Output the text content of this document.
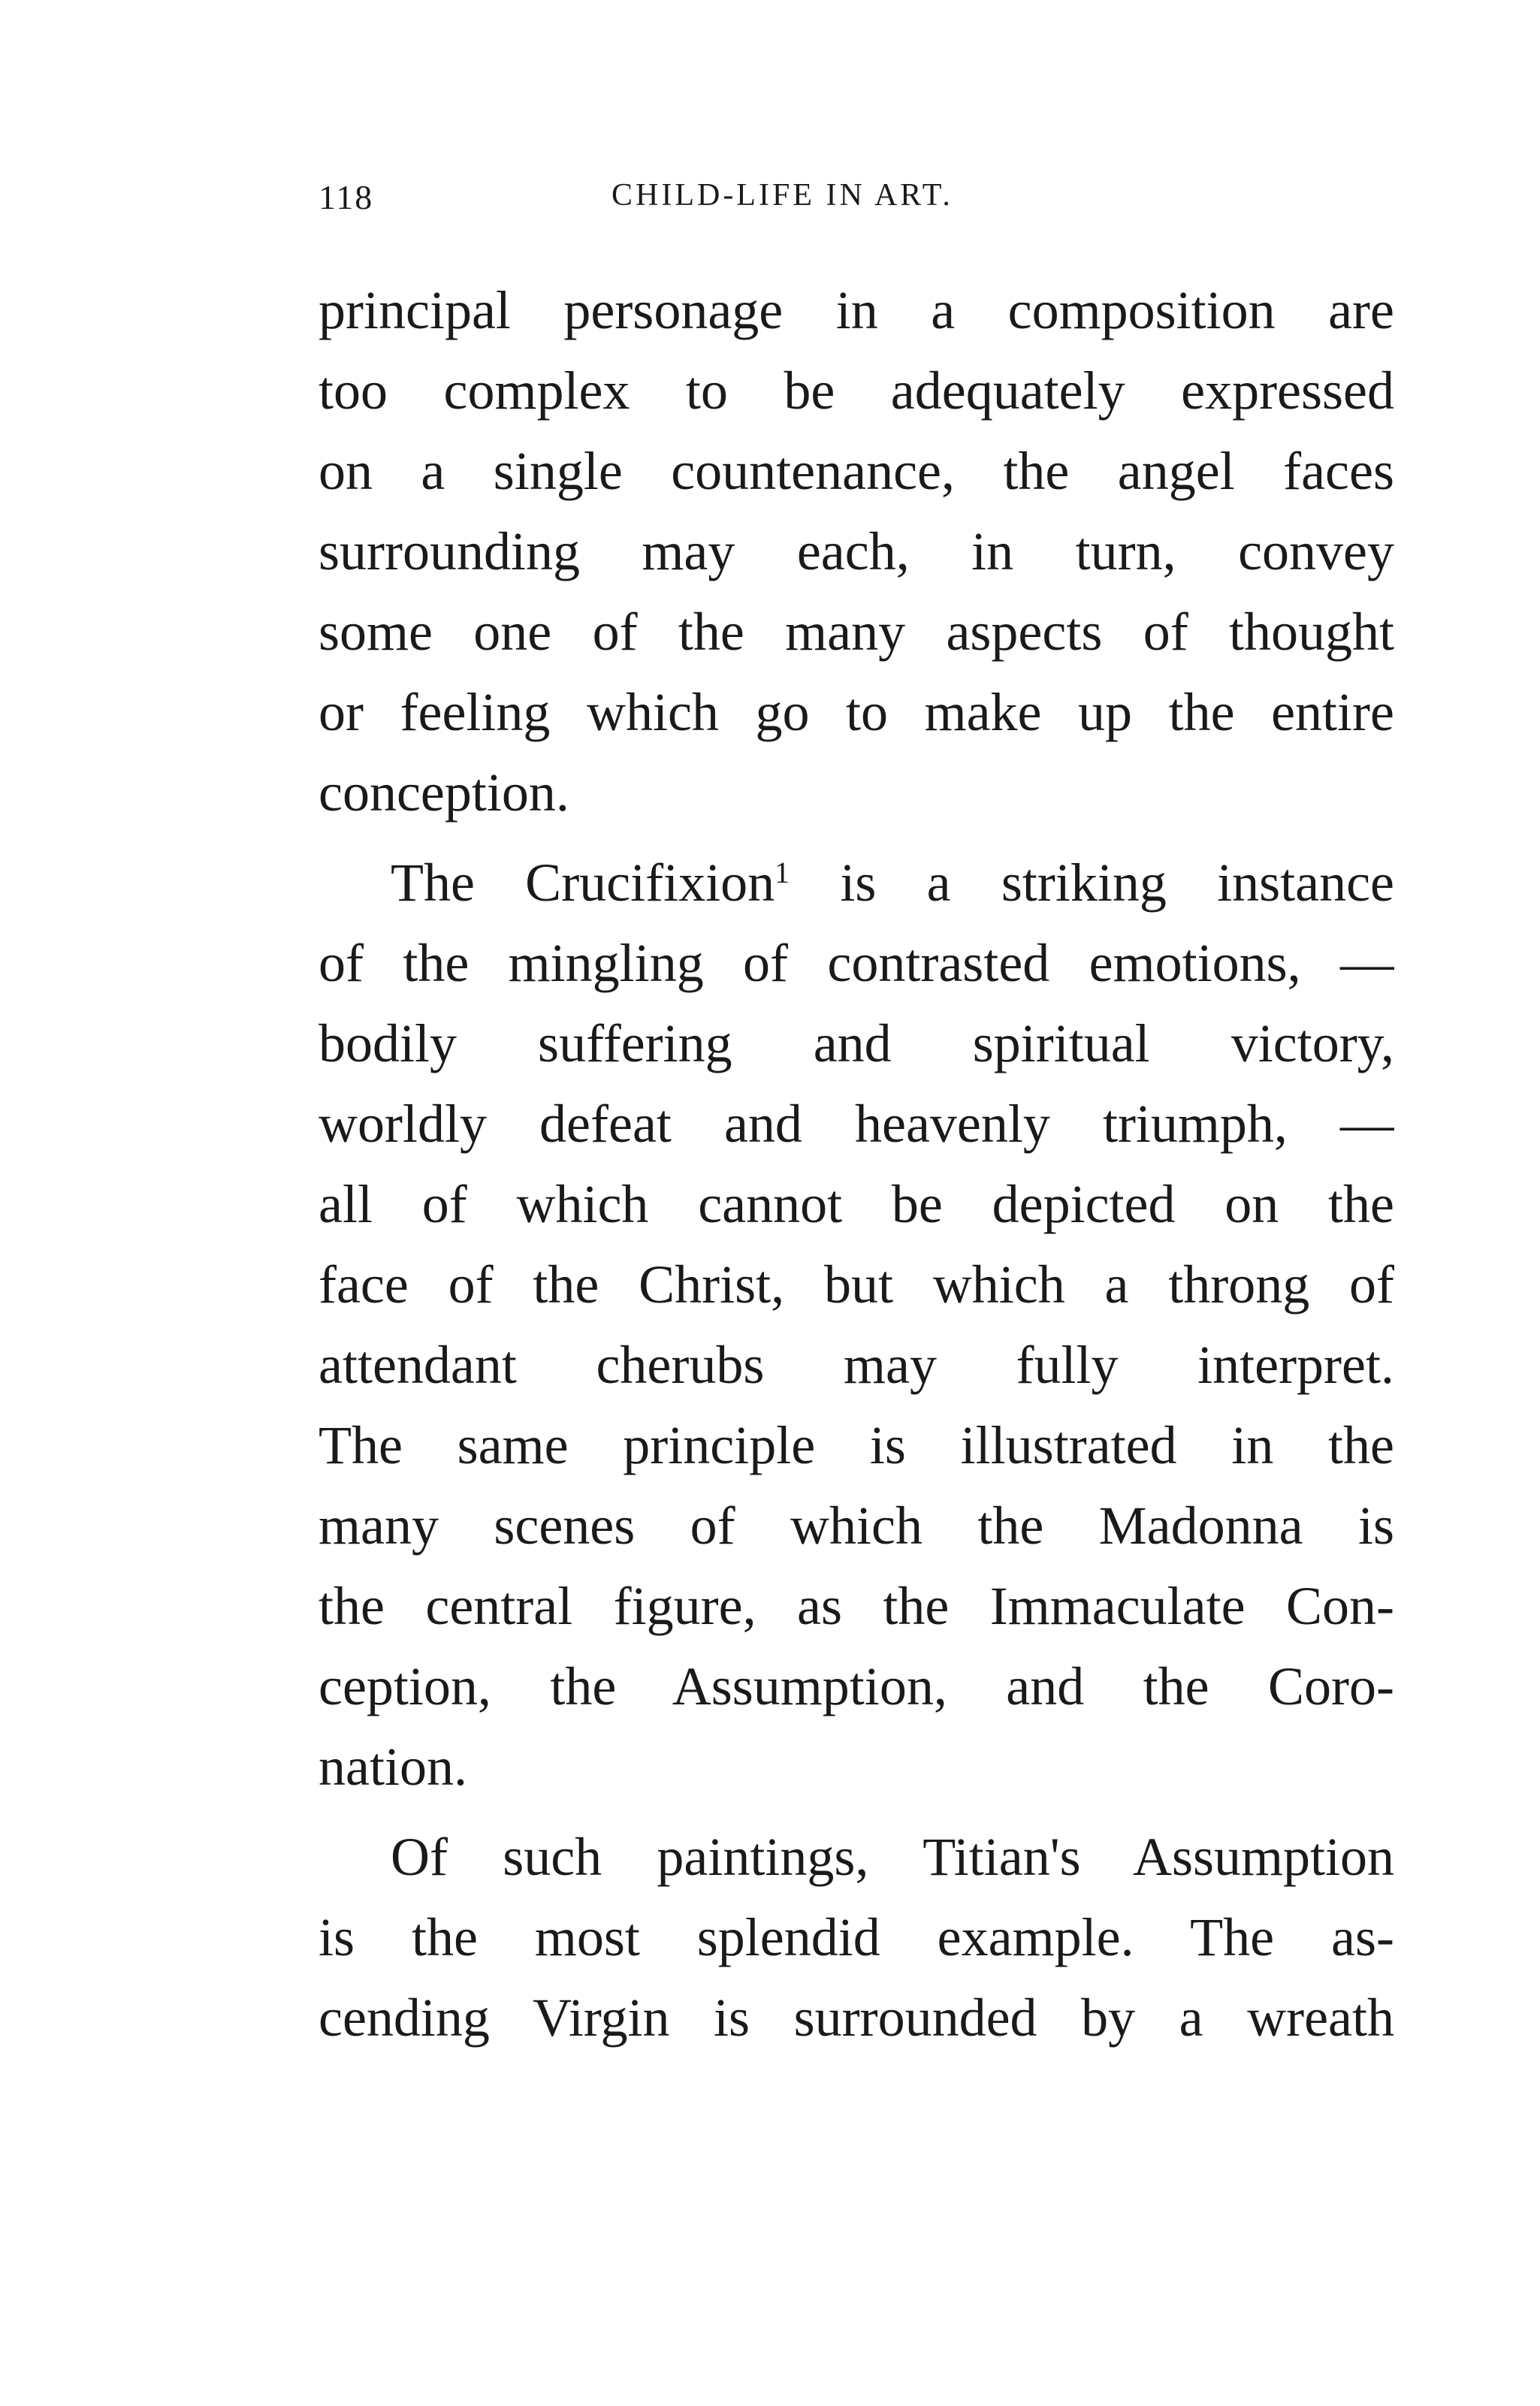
118	CHILD-LIFE IN ART.
principal personage in a composition are
too complex to be adequately expressed
on a single countenance, the angel faces
surrounding may each, in turn, convey
some one of the many aspects of thought
or feeling which go to make up the entire
conception.
The Crucifixion$^1$ is a striking instance
of the mingling of contrasted emotions, —
bodily suffering and spiritual victory,
worldly defeat and heavenly triumph, —
all of which cannot be depicted on the
face of the Christ, but which a throng of
attendant cherubs may fully interpret.
The same principle is illustrated in the
many scenes of which the Madonna is
the central figure, as the Immaculate Con-
ception, the Assumption, and the Coro-
nation.
Of such paintings, Titian's Assumption
is the most splendid example. The as-
cending Virgin is surrounded by a wreath
